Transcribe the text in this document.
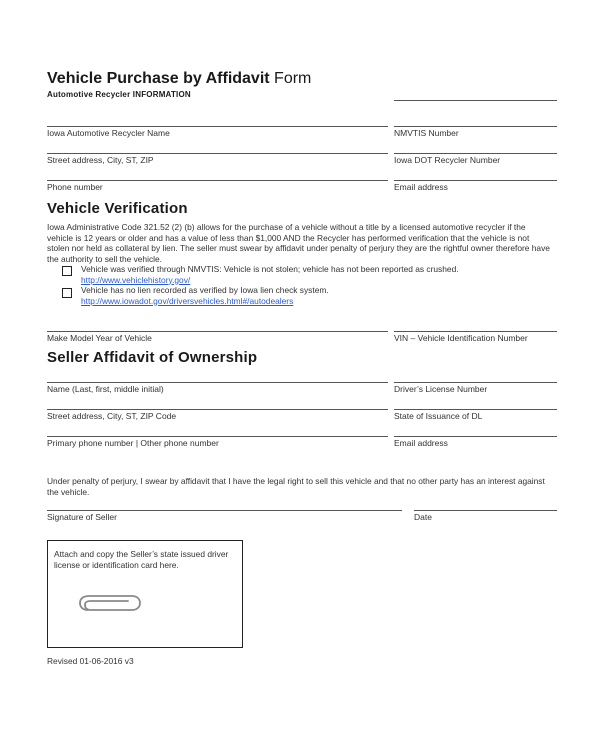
Vehicle Purchase by Affidavit Form
Automotive Recycler INFORMATION
Iowa Automotive Recycler Name	NMVTIS Number
Street address, City, ST, ZIP	Iowa DOT Recycler Number
Phone number	Email address
Vehicle Verification
Iowa Administrative Code 321.52 (2) (b) allows for the purchase of a vehicle without a title by a licensed automotive recycler if the vehicle is 12 years or older and has a value of less than $1,000 AND the Recycler has performed verification that the vehicle is not stolen nor held as collateral by lien. The seller must swear by affidavit under penalty of perjury they are the rightful owner therefore have the authority to sell the vehicle.
Vehicle was verified through NMVTIS: Vehicle is not stolen; vehicle has not been reported as crushed.
http://www.vehiclehistory.gov/
Vehicle has no lien recorded as verified by Iowa lien check system.
http://www.iowadot.gov/driversvehicles.html#/autodealers
Make Model Year of Vehicle	VIN – Vehicle Identification Number
Seller Affidavit of Ownership
Name (Last, first, middle initial)	Driver’s License Number
Street address, City, ST, ZIP Code	State of Issuance of DL
Primary phone number | Other phone number	Email address
Under penalty of perjury, I swear by affidavit that I have the legal right to sell this vehicle and that no other party has an interest against the vehicle.
Signature of Seller	Date
Attach and copy the Seller’s state issued driver license or identification card here.
Revised 01-06-2016 v3
